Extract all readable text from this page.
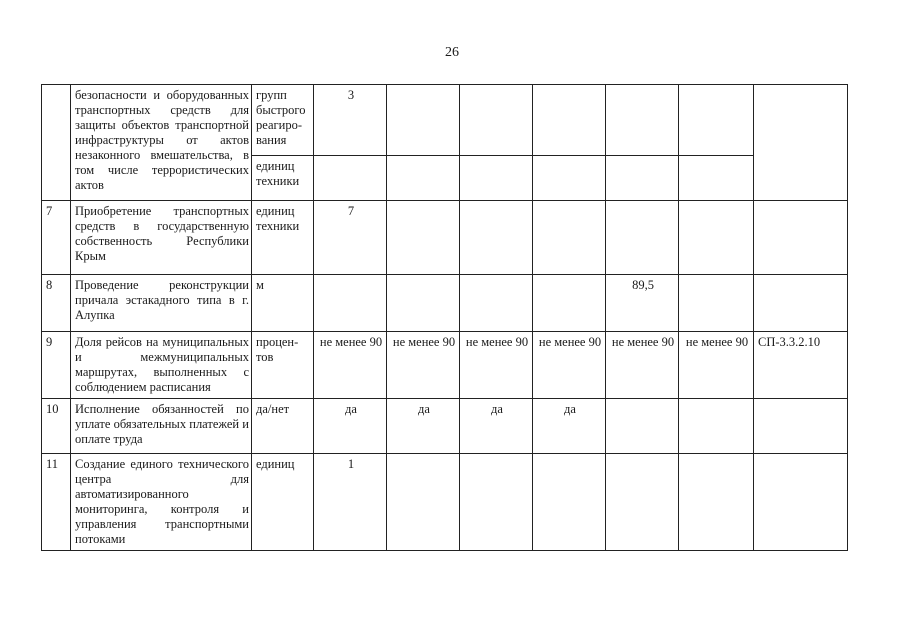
26
	безопасности и оборудованных транспортных средств для защиты объектов транспортной инфраструктуры от актов незаконного вмешательства, в том числе террористических актов	групп быстрого реагиро-вания	3						
		единиц техники							
7	Приобретение транспортных средств в государственную собственность Республики Крым	единиц техники	7						
8	Проведение реконструкции причала эстакадного типа в г. Алупка	м					89,5		
9	Доля рейсов на муниципальных и межмуниципальных маршрутах, выполненных с соблюдением расписания	процен-тов	не менее 90	не менее 90	не менее 90	не менее 90	не менее 90	не менее 90	СП-3.3.2.10
10	Исполнение обязанностей по уплате обязательных платежей и оплате труда	да/нет	да	да	да	да			
11	Создание единого технического центра для автоматизированного мониторинга, контроля и управления транспортными потоками	единиц	1						
